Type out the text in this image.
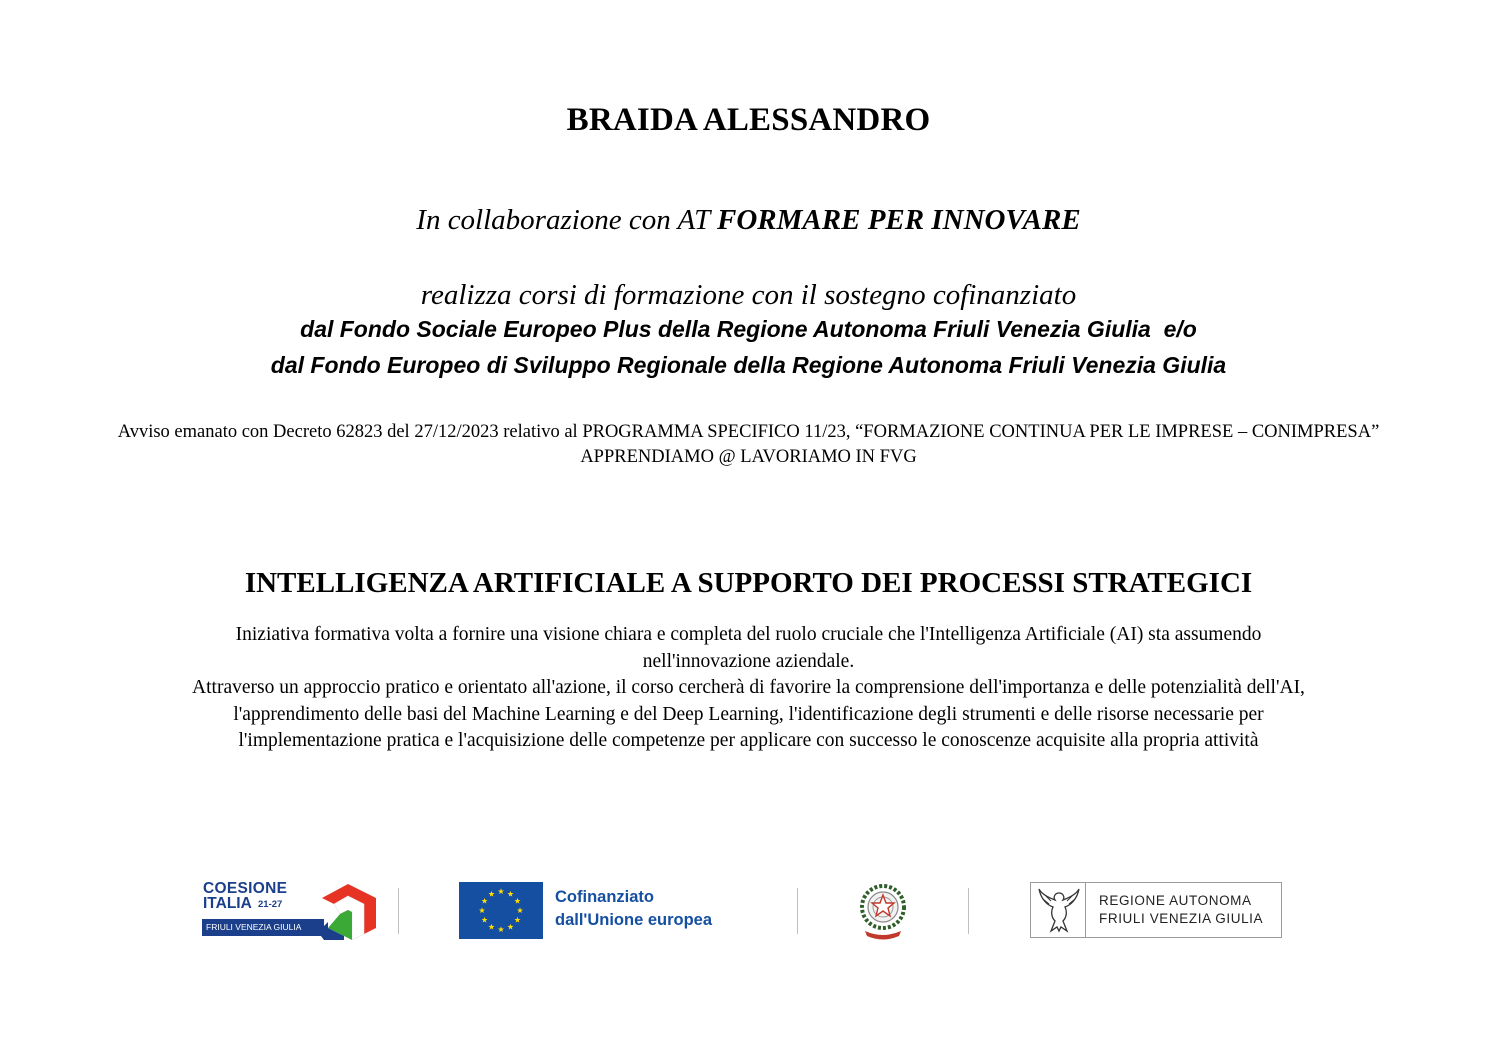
BRAIDA ALESSANDRO
In collaborazione con AT FORMARE PER INNOVARE
realizza corsi di formazione con il sostegno cofinanziato
dal Fondo Sociale Europeo Plus della Regione Autonoma Friuli Venezia Giulia  e/o
dal Fondo Europeo di Sviluppo Regionale della Regione Autonoma Friuli Venezia Giulia
Avviso emanato con Decreto 62823 del 27/12/2023 relativo al PROGRAMMA SPECIFICO 11/23, “FORMAZIONE CONTINUA PER LE IMPRESE – CONIMPRESA” APPRENDIAMO @ LAVORIAMO IN FVG
INTELLIGENZA ARTIFICIALE A SUPPORTO DEI PROCESSI STRATEGICI
Iniziativa formativa volta a fornire una visione chiara e completa del ruolo cruciale che l'Intelligenza Artificiale (AI) sta assumendo
nell'innovazione aziendale.
Attraverso un approccio pratico e orientato all'azione, il corso cercherà di favorire la comprensione dell'importanza e delle potenzialità dell'AI,
l'apprendimento delle basi del Machine Learning e del Deep Learning, l'identificazione degli strumenti e delle risorse necessarie per
l'implementazione pratica e l'acquisizione delle competenze per applicare con successo le conoscenze acquisite alla propria attività
COESIONE
ITALIA 21-27
FRIULI VENEZIA GIULIA
Cofinanziato
dall'Unione europea
REGIONE AUTONOMA
FRIULI VENEZIA GIULIA
